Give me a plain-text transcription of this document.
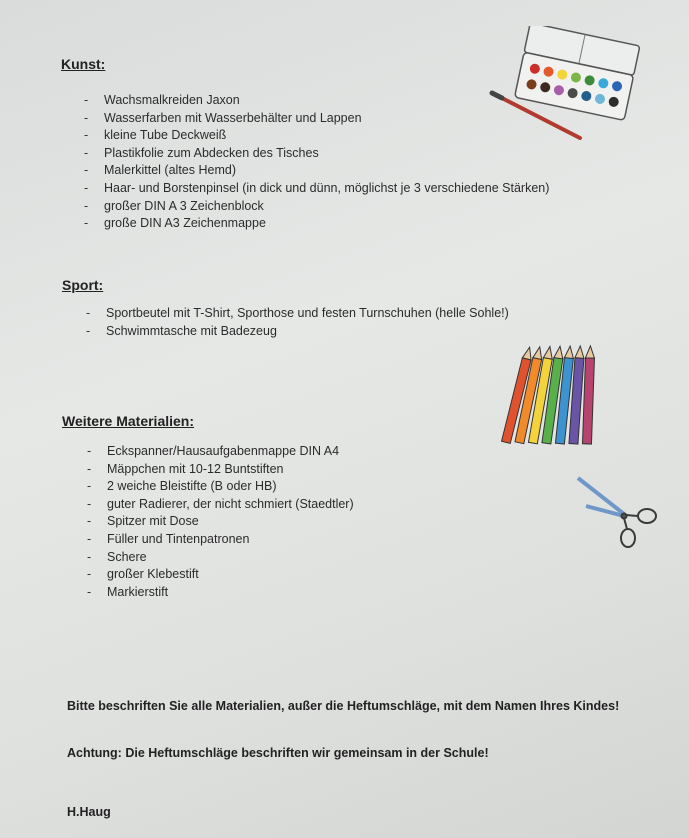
Kunst:
- Wachsmalkreiden Jaxon
- Wasserfarben mit Wasserbehälter und Lappen
- kleine Tube Deckweiß
- Plastikfolie zum Abdecken des Tisches
- Malerkittel (altes Hemd)
- Haar- und Borstenpinsel (in dick und dünn, möglichst je 3 verschiedene Stärken)
- großer DIN A 3 Zeichenblock
- große DIN A3 Zeichenmappe
Sport:
- Sportbeutel mit T-Shirt, Sporthose und festen Turnschuhen (helle Sohle!)
- Schwimmtasche mit Badezeug
Weitere Materialien:
- Eckspanner/Hausaufgabenmappe DIN A4
- Mäppchen mit 10-12 Buntstiften
- 2 weiche Bleistifte (B oder HB)
- guter Radierer, der nicht schmiert (Staedtler)
- Spitzer mit Dose
- Füller und Tintenpatronen
- Schere
- großer Klebestift
- Markierstift
Bitte beschriften Sie alle Materialien, außer die Heftumschläge, mit dem Namen Ihres Kindes!
Achtung: Die Heftumschläge beschriften wir gemeinsam in der Schule!
H.Haug
